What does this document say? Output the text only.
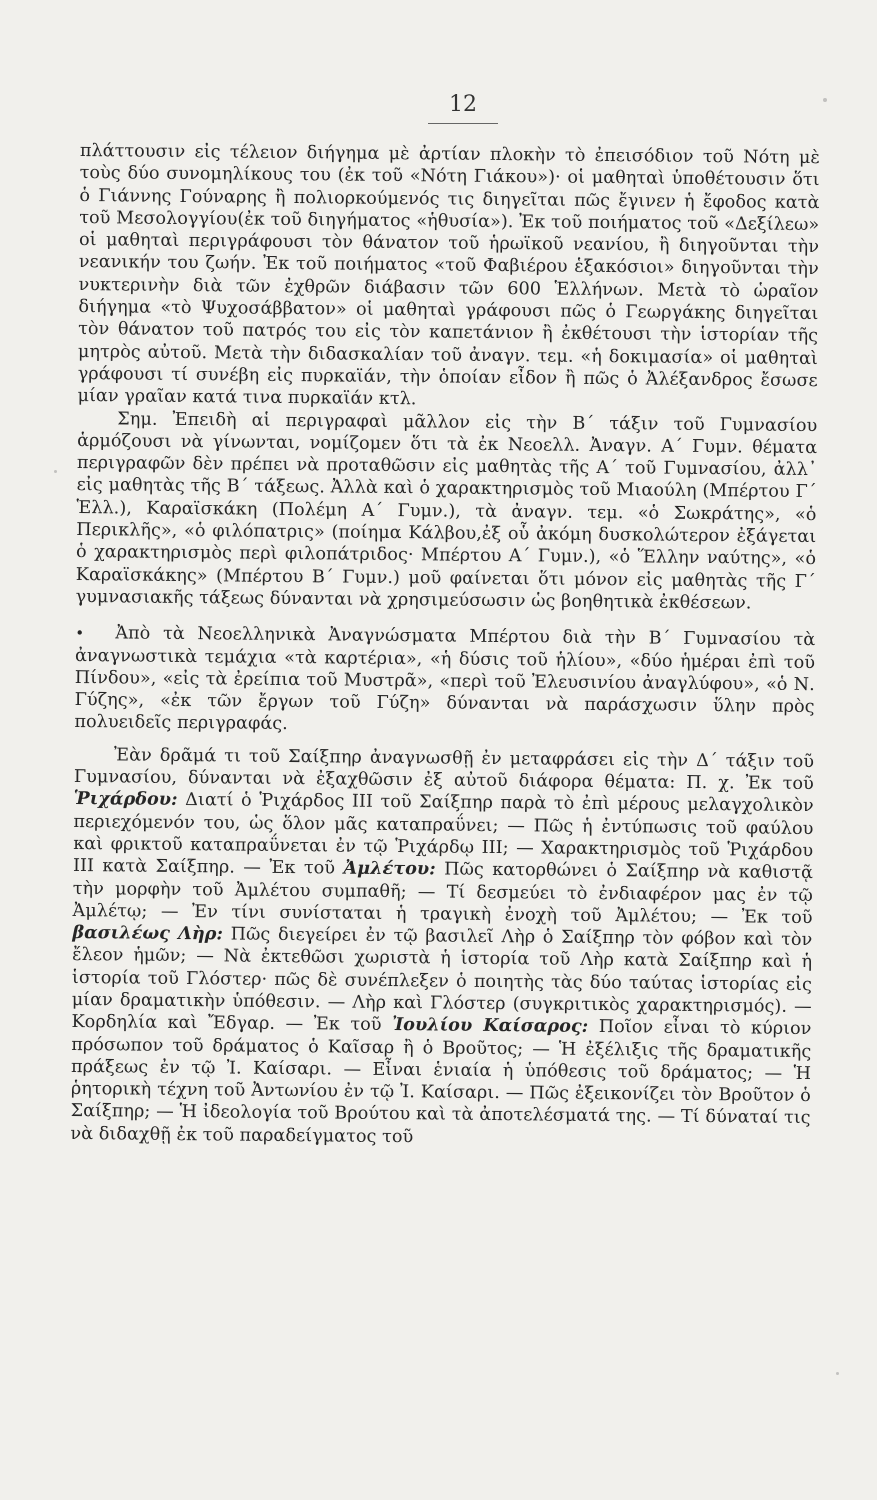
12

πλάττουσιν εἰς τέλειον διήγημα μὲ ἀρτίαν πλοκὴν τὸ ἐπεισόδιον τοῦ Νότη μὲ τοὺς δύο συνομηλίκους του (ἐκ τοῦ «Νότη Γιάκου»)· οἱ μαθηταὶ ὑποθέτουσιν ὅτι ὁ Γιάννης Γούναρης ἢ πολιορκούμενός τις διηγεῖται πῶς ἔγινεν ἡ ἔφοδος κατὰ τοῦ Μεσολογγίου(ἐκ τοῦ διηγήματος «ἡθυσία»). Ἐκ τοῦ ποιήματος τοῦ «Δεξίλεω» οἱ μαθηταὶ περιγράφουσι τὸν θάνατον τοῦ ἡρωϊκοῦ νεανίου, ἢ διηγοῦνται τὴν νεανικήν του ζωήν. Ἐκ τοῦ ποιήματος «τοῦ Φαβιέρου ἑξακόσιοι» διηγοῦνται τὴν νυκτερινὴν διὰ τῶν ἐχθρῶν διάβασιν τῶν 600 Ἑλλήνων. Μετὰ τὸ ὡραῖον διήγημα «τὸ Ψυχοσάββατον» οἱ μαθηταὶ γράφουσι πῶς ὁ Γεωργάκης διηγεῖται τὸν θάνατον τοῦ πατρός του εἰς τὸν καπετάνιον ἢ ἐκθέτουσι τὴν ἱστορίαν τῆς μητρὸς αὐτοῦ. Μετὰ τὴν διδασκαλίαν τοῦ ἀναγν. τεμ. «ἡ δοκιμασία» οἱ μαθηταὶ γράφουσι τί συνέβη εἰς πυρκαϊάν, τὴν ὁποίαν εἶδον ἢ πῶς ὁ Ἀλέξανδρος ἔσωσε μίαν γραῖαν κατά τινα πυρκαϊάν κτλ.

Σημ. Ἐπειδὴ αἱ περιγραφαὶ μᾶλλον εἰς τὴν Β΄ τάξιν τοῦ Γυμνασίου ἁρμόζουσι νὰ γίνωνται, νομίζομεν ὅτι τὰ ἐκ Νεοελλ. Ἀναγν. Α΄ Γυμν. θέματα περιγραφῶν δὲν πρέπει νὰ προταθῶσιν εἰς μαθητὰς τῆς Α΄ τοῦ Γυμνασίου, ἀλλ᾽ εἰς μαθητὰς τῆς Β΄ τάξεως. Ἀλλὰ καὶ ὁ χαρακτηρισμὸς τοῦ Μιαούλη (Μπέρτου Γ΄ Ἑλλ.), Καραϊσκάκη (Πολέμη Α΄ Γυμν.), τὰ ἀναγν. τεμ. «ὁ Σωκράτης», «ὁ Περικλῆς», «ὁ φιλόπατρις» (ποίημα Κάλβου,ἐξ οὗ ἀκόμη δυσκολώτερον ἐξάγεται ὁ χαρακτηρισμὸς περὶ φιλοπάτριδος· Μπέρτου Α΄ Γυμν.), «ὁ Ἕλλην ναύτης», «ὁ Καραϊσκάκης» (Μπέρτου Β΄ Γυμν.) μοῦ φαίνεται ὅτι μόνον εἰς μαθητὰς τῆς Γ΄ γυμνασιακῆς τάξεως δύνανται νὰ χρησιμεύσωσιν ὡς βοηθητικὰ ἐκθέσεων.

• Ἀπὸ τὰ Νεοελληνικὰ Ἀναγνώσματα Μπέρτου διὰ τὴν Β΄ Γυμνασίου τὰ ἀναγνωστικὰ τεμάχια «τὰ καρτέρια», «ἡ δύσις τοῦ ἡλίου», «δύο ἡμέραι ἐπὶ τοῦ Πίνδου», «εἰς τὰ ἐρείπια τοῦ Μυστρᾶ», «περὶ τοῦ Ἐλευσινίου ἀναγλύφου», «ὁ Ν. Γύζης», «ἐκ τῶν ἔργων τοῦ Γύζη» δύνανται νὰ παράσχωσιν ὕλην πρὸς πολυειδεῖς περιγραφάς.

Ἐὰν δρᾶμά τι τοῦ Σαίξπηρ ἀναγνωσθῇ ἐν μεταφράσει εἰς τὴν Δ΄ τάξιν τοῦ Γυμνασίου, δύνανται νὰ ἐξαχθῶσιν ἐξ αὐτοῦ διάφορα θέματα: Π. χ. Ἐκ τοῦ Ῥιχάρδου: Διατί ὁ Ῥιχάρδος ΙΙΙ τοῦ Σαίξπηρ παρὰ τὸ ἐπὶ μέρους μελαγχολικὸν περιεχόμενόν του, ὡς ὅλον μᾶς καταπραΰνει; — Πῶς ἡ ἐντύπωσις τοῦ φαύλου καὶ φρικτοῦ καταπραΰνεται ἐν τῷ Ῥιχάρδῳ ΙΙΙ; — Χαρακτηρισμὸς τοῦ Ῥιχάρδου ΙΙΙ κατὰ Σαίξπηρ. — Ἐκ τοῦ Ἀμλέτου: Πῶς κατορθώνει ὁ Σαίξπηρ νὰ καθιστᾷ τὴν μορφὴν τοῦ Ἀμλέτου συμπαθῆ; — Τί δεσμεύει τὸ ἐνδιαφέρον μας ἐν τῷ Ἀμλέτῳ; — Ἐν τίνι συνίσταται ἡ τραγικὴ ἐνοχὴ τοῦ Ἀμλέτου; — Ἐκ τοῦ βασιλέως Λὴρ: Πῶς διεγείρει ἐν τῷ βασιλεῖ Λὴρ ὁ Σαίξπηρ τὸν φόβον καὶ τὸν ἔλεον ἡμῶν; — Νὰ ἐκτεθῶσι χωριστὰ ἡ ἱστορία τοῦ Λὴρ κατὰ Σαίξπηρ καὶ ἡ ἱστορία τοῦ Γλόστερ· πῶς δὲ συνέπλεξεν ὁ ποιητὴς τὰς δύο ταύτας ἱστορίας εἰς μίαν δραματικὴν ὑπόθεσιν. — Λὴρ καὶ Γλόστερ (συγκριτικὸς χαρακτηρισμός). — Κορδηλία καὶ Ἔδγαρ. — Ἐκ τοῦ Ἰουλίου Καίσαρος: Ποῖον εἶναι τὸ κύριον πρόσωπον τοῦ δράματος ὁ Καῖσαρ ἢ ὁ Βροῦτος; — Ἡ ἐξέλιξις τῆς δραματικῆς πράξεως ἐν τῷ Ἰ. Καίσαρι. — Εἶναι ἑνιαία ἡ ὑπόθεσις τοῦ δράματος; — Ἡ ῥητορικὴ τέχνη τοῦ Ἀντωνίου ἐν τῷ Ἰ. Καίσαρι. — Πῶς ἐξεικονίζει τὸν Βροῦτον ὁ Σαίξπηρ; — Ἡ ἰδεολογία τοῦ Βρούτου καὶ τὰ ἀποτελέσματά της. — Τί δύναταί τις νὰ διδαχθῇ ἐκ τοῦ παραδείγματος τοῦ
